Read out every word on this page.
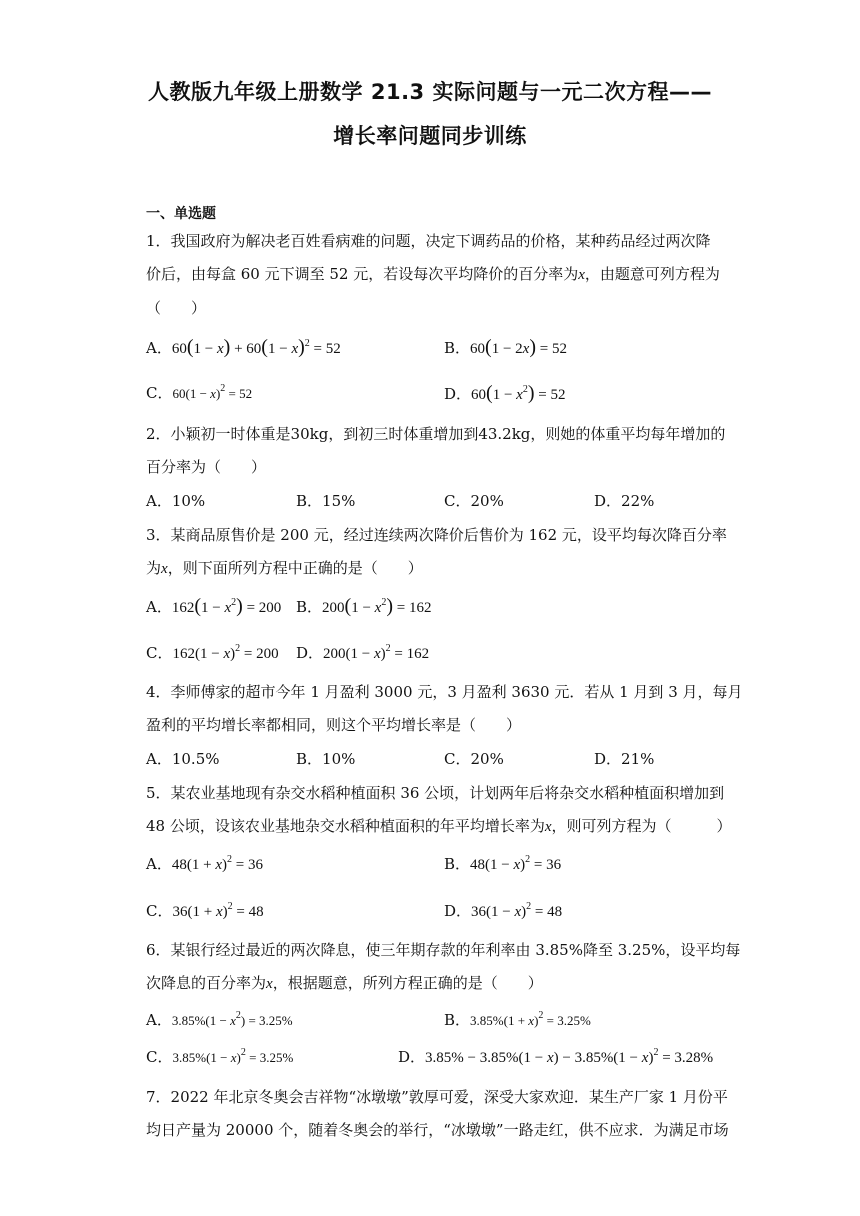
人教版九年级上册数学 21.3 实际问题与一元二次方程——
增长率问题同步训练
一、单选题
1．我国政府为解决老百姓看病难的问题，决定下调药品的价格，某种药品经过两次降
价后，由每盒 60 元下调至 52 元，若设每次平均降价的百分率为x，由题意可列方程为
（　　）
A．$60(1 - x) + 60(1 - x)^2 = 52$	B．60(1 − 2x) = 52
C．$60(1 - x)^2 = 52$	D．$60(1 - x^2) = 52$
2．小颖初一时体重是30kg，到初三时体重增加到43.2kg，则她的体重平均每年增加的
百分率为（　　）
A．10%	B．15%	C．20%	D．22%
3．某商品原售价是 200 元，经过连续两次降价后售价为 162 元，设平均每次降百分率
为x，则下面所列方程中正确的是（　　）
A．$162(1 - x^2) = 200$ B．$200(1 - x^2) = 162$
C．$162(1 - x)^2 = 200$ D．$200(1 - x)^2 = 162$
4．李师傅家的超市今年 1 月盈利 3000 元，3 月盈利 3630 元．若从 1 月到 3 月，每月
盈利的平均增长率都相同，则这个平均增长率是（　　）
A．10.5%	B．10%	C．20%	D．21%
5．某农业基地现有杂交水稻种植面积 36 公顷，计划两年后将杂交水稻种植面积增加到
48 公顷，设该农业基地杂交水稻种植面积的年平均增长率为x，则可列方程为（　　　）
A．$48(1 + x)^2 = 36$	B．$48(1 - x)^2 = 36$
C．$36(1 + x)^2 = 48$	D．$36(1 - x)^2 = 48$
6．某银行经过最近的两次降息，使三年期存款的年利率由 3.85%降至 3.25%，设平均每
次降息的百分率为x，根据题意，所列方程正确的是（　　）
A．$3.85\%(1 - x^2) = 3.25\%$	B．$3.85\%(1 + x)^2 = 3.25\%$
C．$3.85\%(1 - x)^2 = 3.25\%$	D．$3.85\% - 3.85\%(1 - x) - 3.85\%(1 - x)^2 = 3.28\%$
7．2022 年北京冬奥会吉祥物“冰墩墩”敦厚可爱，深受大家欢迎．某生产厂家 1 月份平
均日产量为 20000 个，随着冬奥会的举行，“冰墩墩”一路走红，供不应求．为满足市场
